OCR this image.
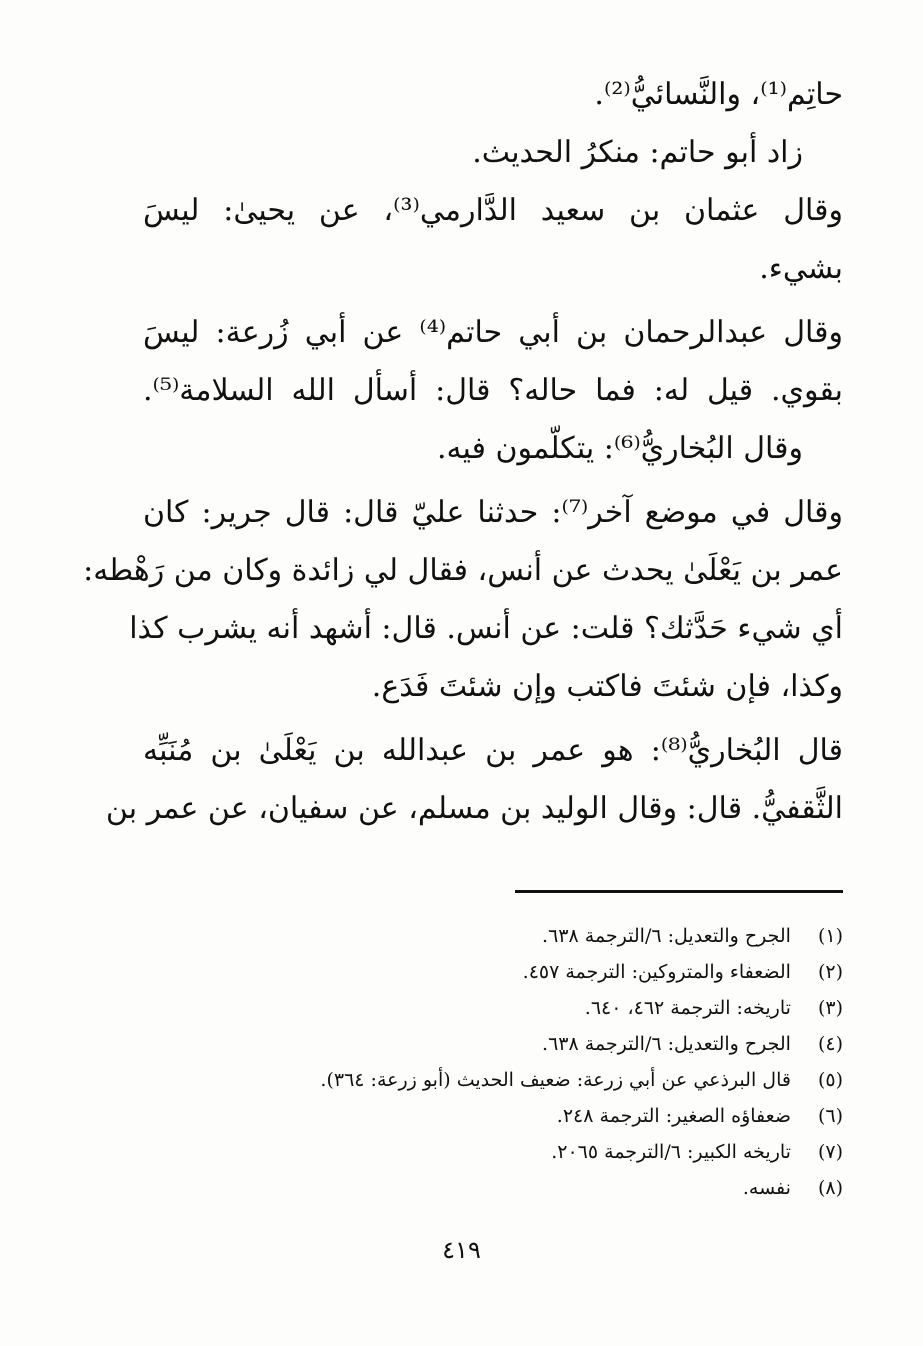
حاتِم⁽¹⁾، والنَّسائيُّ⁽²⁾.
زاد أبو حاتم: منكرُ الحديث.
وقال عثمان بن سعيد الدَّارمي⁽³⁾، عن يحيىٰ: ليسَ
بشيء.
وقال عبدالرحمان بن أبي حاتم⁽⁴⁾ عن أبي زُرعة: ليسَ
بقوي. قيل له: فما حاله؟ قال: أسأل الله السلامة⁽⁵⁾.
وقال البُخاريُّ⁽⁶⁾: يتكلّمون فيه.
وقال في موضع آخر⁽⁷⁾: حدثنا عليّ قال: قال جرير: كان
عمر بن يَعْلَىٰ يحدث عن أنس، فقال لي زائدة وكان من رَهْطه:
أي شيء حَدَّثك؟ قلت: عن أنس. قال: أشهد أنه يشرب كذا
وكذا، فإن شئتَ فاكتب وإن شئتَ فَدَع.
قال البُخاريُّ⁽⁸⁾: هو عمر بن عبدالله بن يَعْلَىٰ بن مُنَبِّه
الثَّقفيُّ. قال: وقال الوليد بن مسلم، عن سفيان، عن عمر بن
(١) الجرح والتعديل: ٦/الترجمة ٦٣٨.
(٢) الضعفاء والمتروكين: الترجمة ٤٥٧.
(٣) تاريخه: الترجمة ٤٦٢، ٦٤٠.
(٤) الجرح والتعديل: ٦/الترجمة ٦٣٨.
(٥) قال البرذعي عن أبي زرعة: ضعيف الحديث (أبو زرعة: ٣٦٤).
(٦) ضعفاؤه الصغير: الترجمة ٢٤٨.
(٧) تاريخه الكبير: ٦/الترجمة ٢٠٦٥.
(٨) نفسه.
٤١٩
